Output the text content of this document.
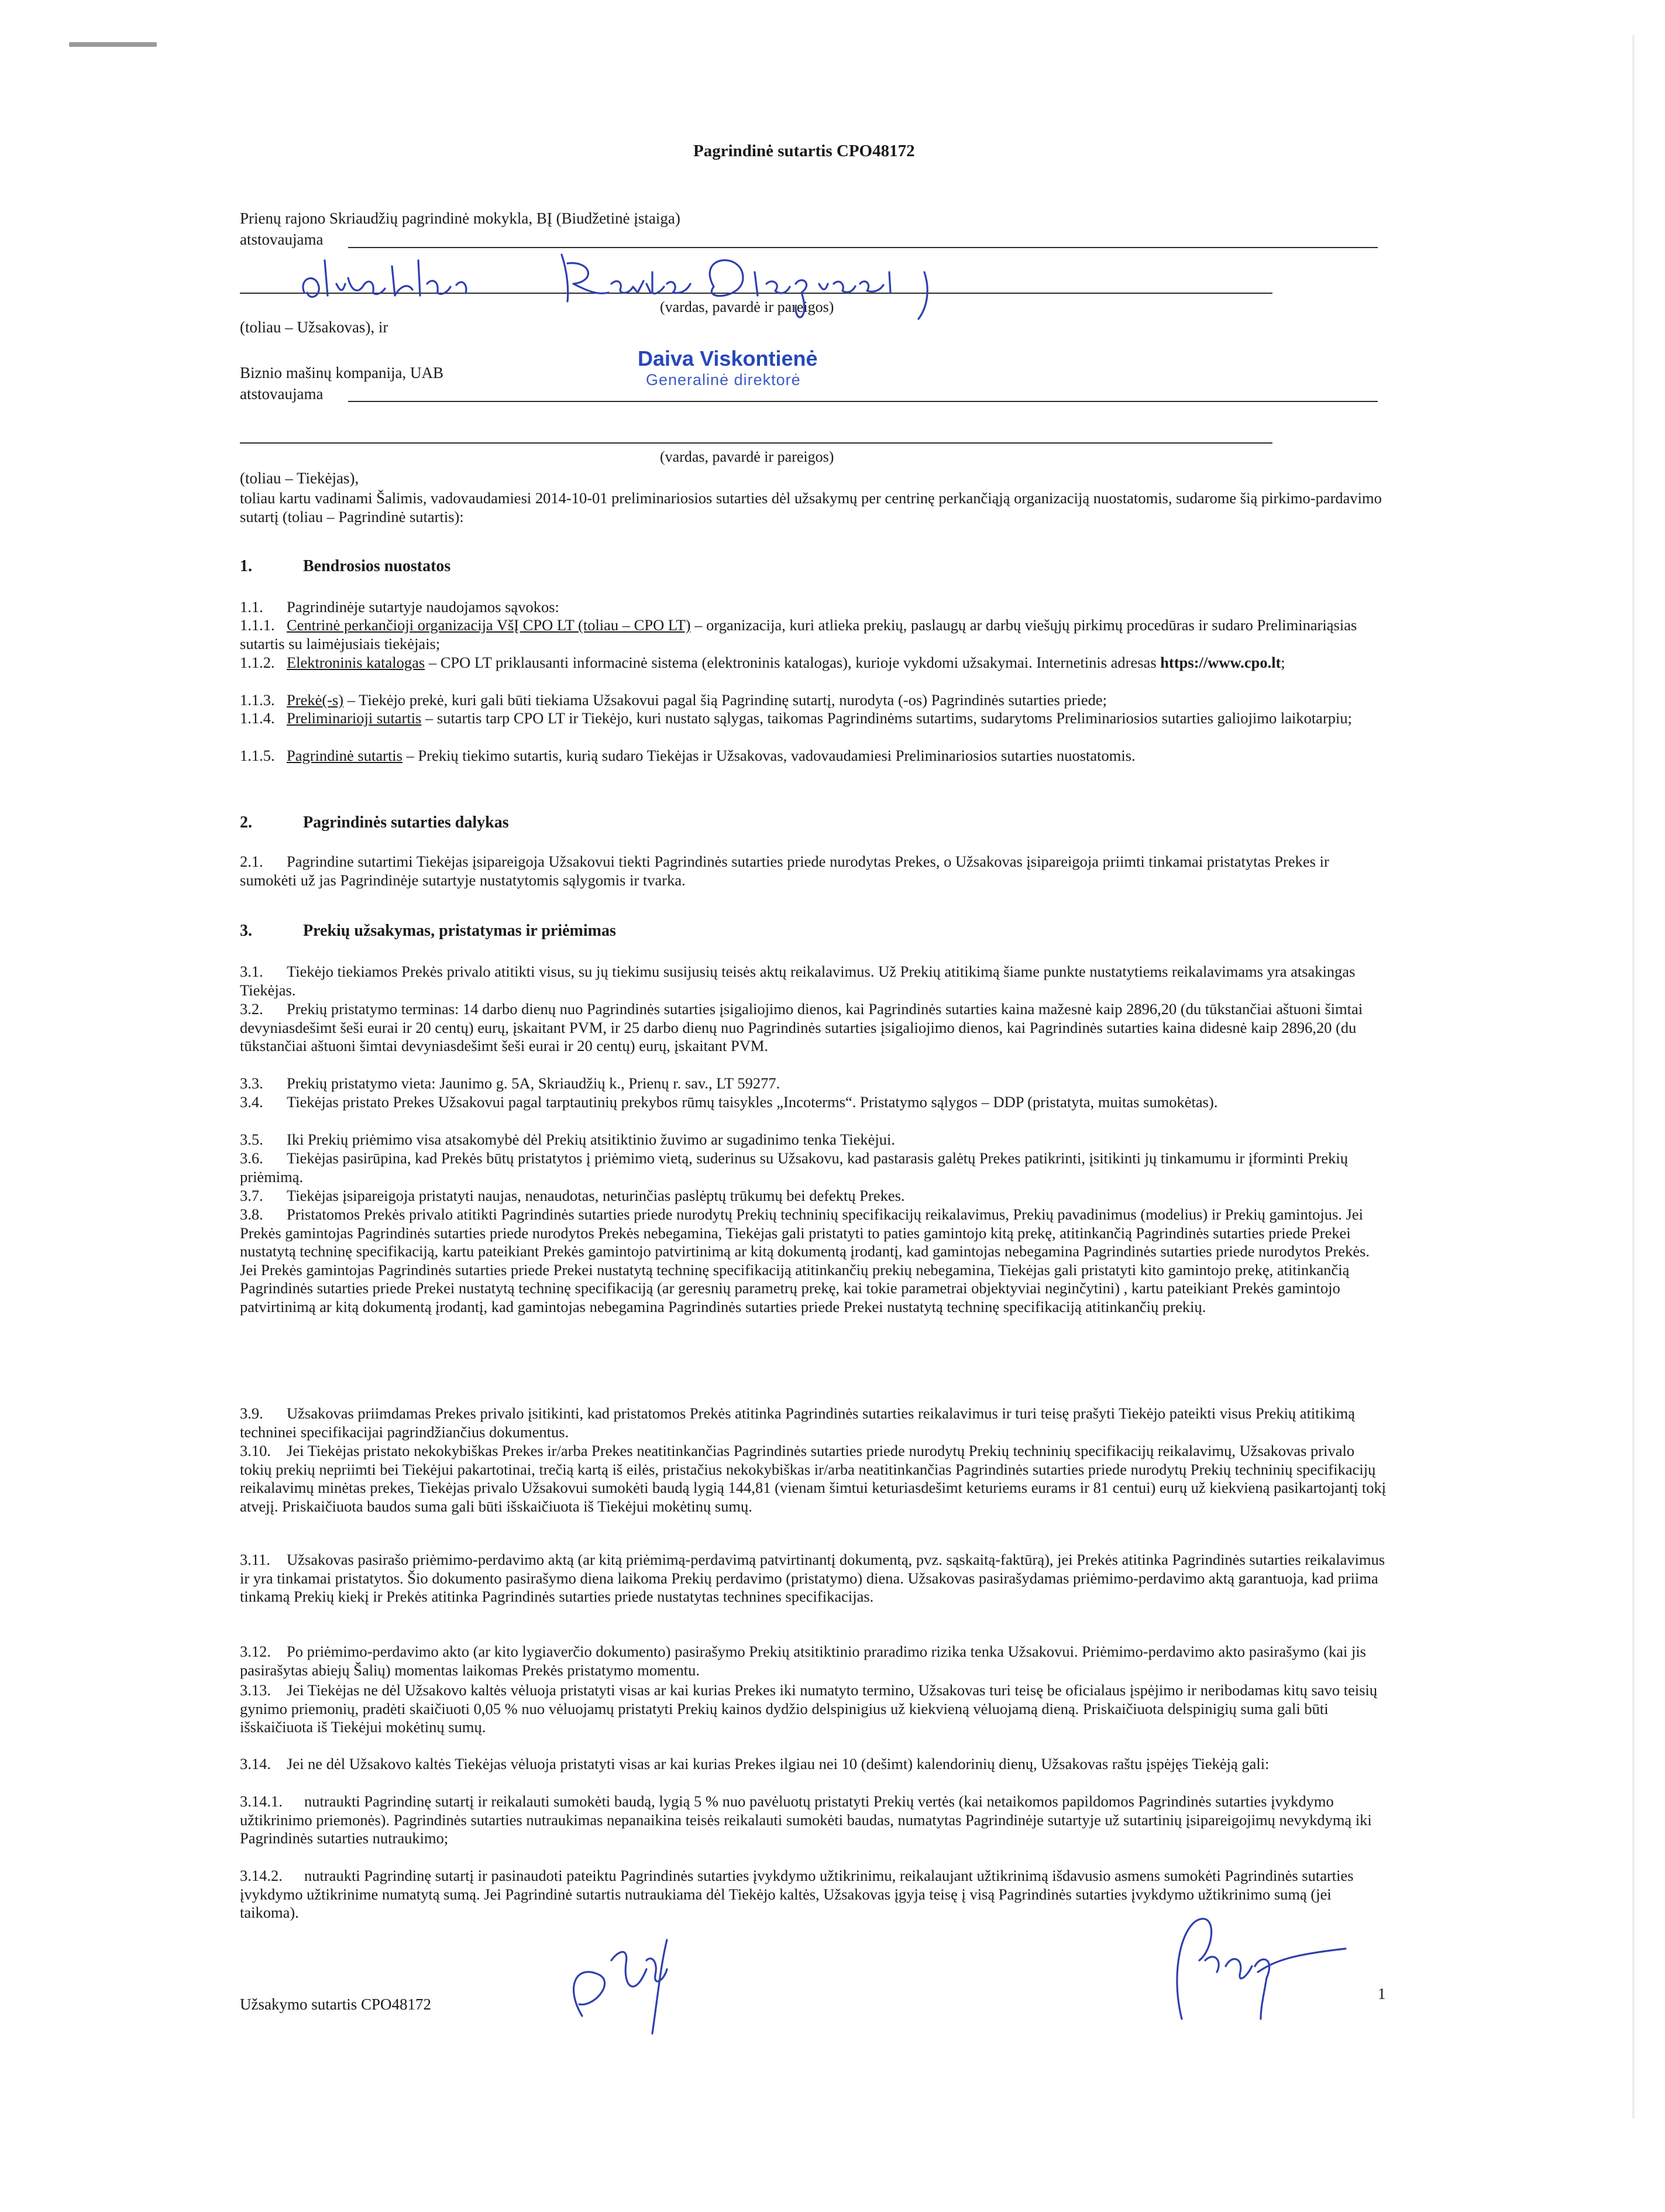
Pagrindinė sutartis CPO48172
Prienų rajono Skriaudžių pagrindinė mokykla, BĮ (Biudžetinė įstaiga)
atstovaujama
(vardas, pavardė ir pareigos)
(toliau – Užsakovas), ir
Daiva Viskontienė
Generalinė direktorė
Biznio mašinų kompanija, UAB
atstovaujama
(vardas, pavardė ir pareigos)
(toliau – Tiekėjas),

toliau kartu vadinami Šalimis, vadovaudamiesi 2014-10-01 preliminariosios sutarties dėl užsakymų per centrinę perkančiąją organizaciją nuostatomis, sudarome šią pirkimo-pardavimo sutartį (toliau – Pagrindinė sutartis):

1.	Bendrosios nuostatos

1.1. Pagrindinėje sutartyje naudojamos sąvokos:

1.1.1. Centrinė perkančioji organizacija VšĮ CPO LT (toliau – CPO LT) – organizacija, kuri atlieka prekių, paslaugų ar darbų viešųjų pirkimų procedūras ir sudaro Preliminariąsias sutartis su laimėjusiais tiekėjais;

1.1.2. Elektroninis katalogas – CPO LT priklausanti informacinė sistema (elektroninis katalogas), kurioje vykdomi užsakymai. Internetinis adresas https://www.cpo.lt;

1.1.3. Prekė(-s) – Tiekėjo prekė, kuri gali būti tiekiama Užsakovui pagal šią Pagrindinę sutartį, nurodyta (-os) Pagrindinės sutarties priede;

1.1.4. Preliminarioji sutartis – sutartis tarp CPO LT ir Tiekėjo, kuri nustato sąlygas, taikomas Pagrindinėms sutartims, sudarytoms Preliminariosios sutarties galiojimo laikotarpiu;

1.1.5. Pagrindinė sutartis – Prekių tiekimo sutartis, kurią sudaro Tiekėjas ir Užsakovas, vadovaudamiesi Preliminariosios sutarties nuostatomis.

2.	Pagrindinės sutarties dalykas

2.1. Pagrindine sutartimi Tiekėjas įsipareigoja Užsakovui tiekti Pagrindinės sutarties priede nurodytas Prekes, o Užsakovas įsipareigoja priimti tinkamai pristatytas Prekes ir sumokėti už jas Pagrindinėje sutartyje nustatytomis sąlygomis ir tvarka.

3.	Prekių užsakymas, pristatymas ir priėmimas

3.1. Tiekėjo tiekiamos Prekės privalo atitikti visus, su jų tiekimu susijusių teisės aktų reikalavimus. Už Prekių atitikimą šiame punkte nustatytiems reikalavimams yra atsakingas Tiekėjas.

3.2. Prekių pristatymo terminas: 14 darbo dienų nuo Pagrindinės sutarties įsigaliojimo dienos, kai Pagrindinės sutarties kaina mažesnė kaip 2896,20 (du tūkstančiai aštuoni šimtai devyniasdešimt šeši eurai ir 20 centų) eurų, įskaitant PVM, ir 25 darbo dienų nuo Pagrindinės sutarties įsigaliojimo dienos, kai Pagrindinės sutarties kaina didesnė kaip 2896,20 (du tūkstančiai aštuoni šimtai devyniasdešimt šeši eurai ir 20 centų) eurų, įskaitant PVM.

3.3. Prekių pristatymo vieta: Jaunimo g. 5A, Skriaudžių k., Prienų r. sav., LT 59277.

3.4. Tiekėjas pristato Prekes Užsakovui pagal tarptautinių prekybos rūmų taisykles „Incoterms“. Pristatymo sąlygos – DDP (pristatyta, muitas sumokėtas).

3.5. Iki Prekių priėmimo visa atsakomybė dėl Prekių atsitiktinio žuvimo ar sugadinimo tenka Tiekėjui.

3.6. Tiekėjas pasirūpina, kad Prekės būtų pristatytos į priėmimo vietą, suderinus su Užsakovu, kad pastarasis galėtų Prekes patikrinti, įsitikinti jų tinkamumu ir įforminti Prekių priėmimą.

3.7. Tiekėjas įsipareigoja pristatyti naujas, nenaudotas, neturinčias paslėptų trūkumų bei defektų Prekes.

3.8. Pristatomos Prekės privalo atitikti Pagrindinės sutarties priede nurodytų Prekių techninių specifikacijų reikalavimus, Prekių pavadinimus (modelius) ir Prekių gamintojus. Jei Prekės gamintojas Pagrindinės sutarties priede nurodytos Prekės nebegamina, Tiekėjas gali pristatyti to paties gamintojo kitą prekę, atitinkančią Pagrindinės sutarties priede Prekei nustatytą techninę specifikaciją, kartu pateikiant Prekės gamintojo patvirtinimą ar kitą dokumentą įrodantį, kad gamintojas nebegamina Pagrindinės sutarties priede nurodytos Prekės. Jei Prekės gamintojas Pagrindinės sutarties priede Prekei nustatytą techninę specifikaciją atitinkančių prekių nebegamina, Tiekėjas gali pristatyti kito gamintojo prekę, atitinkančią Pagrindinės sutarties priede Prekei nustatytą techninę specifikaciją (ar geresnių parametrų prekę, kai tokie parametrai objektyviai neginčytini) , kartu pateikiant Prekės gamintojo patvirtinimą ar kitą dokumentą įrodantį, kad gamintojas nebegamina Pagrindinės sutarties priede Prekei nustatytą techninę specifikaciją atitinkančių prekių.

3.9. Užsakovas priimdamas Prekes privalo įsitikinti, kad pristatomos Prekės atitinka Pagrindinės sutarties reikalavimus ir turi teisę prašyti Tiekėjo pateikti visus Prekių atitikimą techninei specifikacijai pagrindžiančius dokumentus.

3.10. Jei Tiekėjas pristato nekokybiškas Prekes ir/arba Prekes neatitinkančias Pagrindinės sutarties priede nurodytų Prekių techninių specifikacijų reikalavimų, Užsakovas privalo tokių prekių nepriimti bei Tiekėjui pakartotinai, trečią kartą iš eilės, pristačius nekokybiškas ir/arba neatitinkančias Pagrindinės sutarties priede nurodytų Prekių techninių specifikacijų reikalavimų minėtas prekes, Tiekėjas privalo Užsakovui sumokėti baudą lygią 144,81 (vienam šimtui keturiasdešimt keturiems eurams ir 81 centui) eurų už kiekvieną pasikartojantį tokį atvejį. Priskaičiuota baudos suma gali būti išskaičiuota iš Tiekėjui mokėtinų sumų.

3.11. Užsakovas pasirašo priėmimo-perdavimo aktą (ar kitą priėmimą-perdavimą patvirtinantį dokumentą, pvz. sąskaitą-faktūrą), jei Prekės atitinka Pagrindinės sutarties reikalavimus ir yra tinkamai pristatytos. Šio dokumento pasirašymo diena laikoma Prekių perdavimo (pristatymo) diena. Užsakovas pasirašydamas priėmimo-perdavimo aktą garantuoja, kad priima tinkamą Prekių kiekį ir Prekės atitinka Pagrindinės sutarties priede nustatytas technines specifikacijas.

3.12. Po priėmimo-perdavimo akto (ar kito lygiaverčio dokumento) pasirašymo Prekių atsitiktinio praradimo rizika tenka Užsakovui. Priėmimo-perdavimo akto pasirašymo (kai jis pasirašytas abiejų Šalių) momentas laikomas Prekės pristatymo momentu.

3.13. Jei Tiekėjas ne dėl Užsakovo kaltės vėluoja pristatyti visas ar kai kurias Prekes iki numatyto termino, Užsakovas turi teisę be oficialaus įspėjimo ir neribodamas kitų savo teisių gynimo priemonių, pradėti skaičiuoti 0,05 % nuo vėluojamų pristatyti Prekių kainos dydžio delspinigius už kiekvieną vėluojamą dieną. Priskaičiuota delspinigių suma gali būti išskaičiuota iš Tiekėjui mokėtinų sumų.

3.14. Jei ne dėl Užsakovo kaltės Tiekėjas vėluoja pristatyti visas ar kai kurias Prekes ilgiau nei 10 (dešimt) kalendorinių dienų, Užsakovas raštu įspėjęs Tiekėją gali:

3.14.1. nutraukti Pagrindinę sutartį ir reikalauti sumokėti baudą, lygią 5 % nuo pavėluotų pristatyti Prekių vertės (kai netaikomos papildomos Pagrindinės sutarties įvykdymo užtikrinimo priemonės). Pagrindinės sutarties nutraukimas nepanaikina teisės reikalauti sumokėti baudas, numatytas Pagrindinėje sutartyje už sutartinių įsipareigojimų nevykdymą iki Pagrindinės sutarties nutraukimo;

3.14.2. nutraukti Pagrindinę sutartį ir pasinaudoti pateiktu Pagrindinės sutarties įvykdymo užtikrinimu, reikalaujant užtikrinimą išdavusio asmens sumokėti Pagrindinės sutarties įvykdymo užtikrinime numatytą sumą. Jei Pagrindinė sutartis nutraukiama dėl Tiekėjo kaltės, Užsakovas įgyja teisę į visą Pagrindinės sutarties įvykdymo užtikrinimo sumą (jei taikoma).

Užsakymo sutartis CPO48172
1
